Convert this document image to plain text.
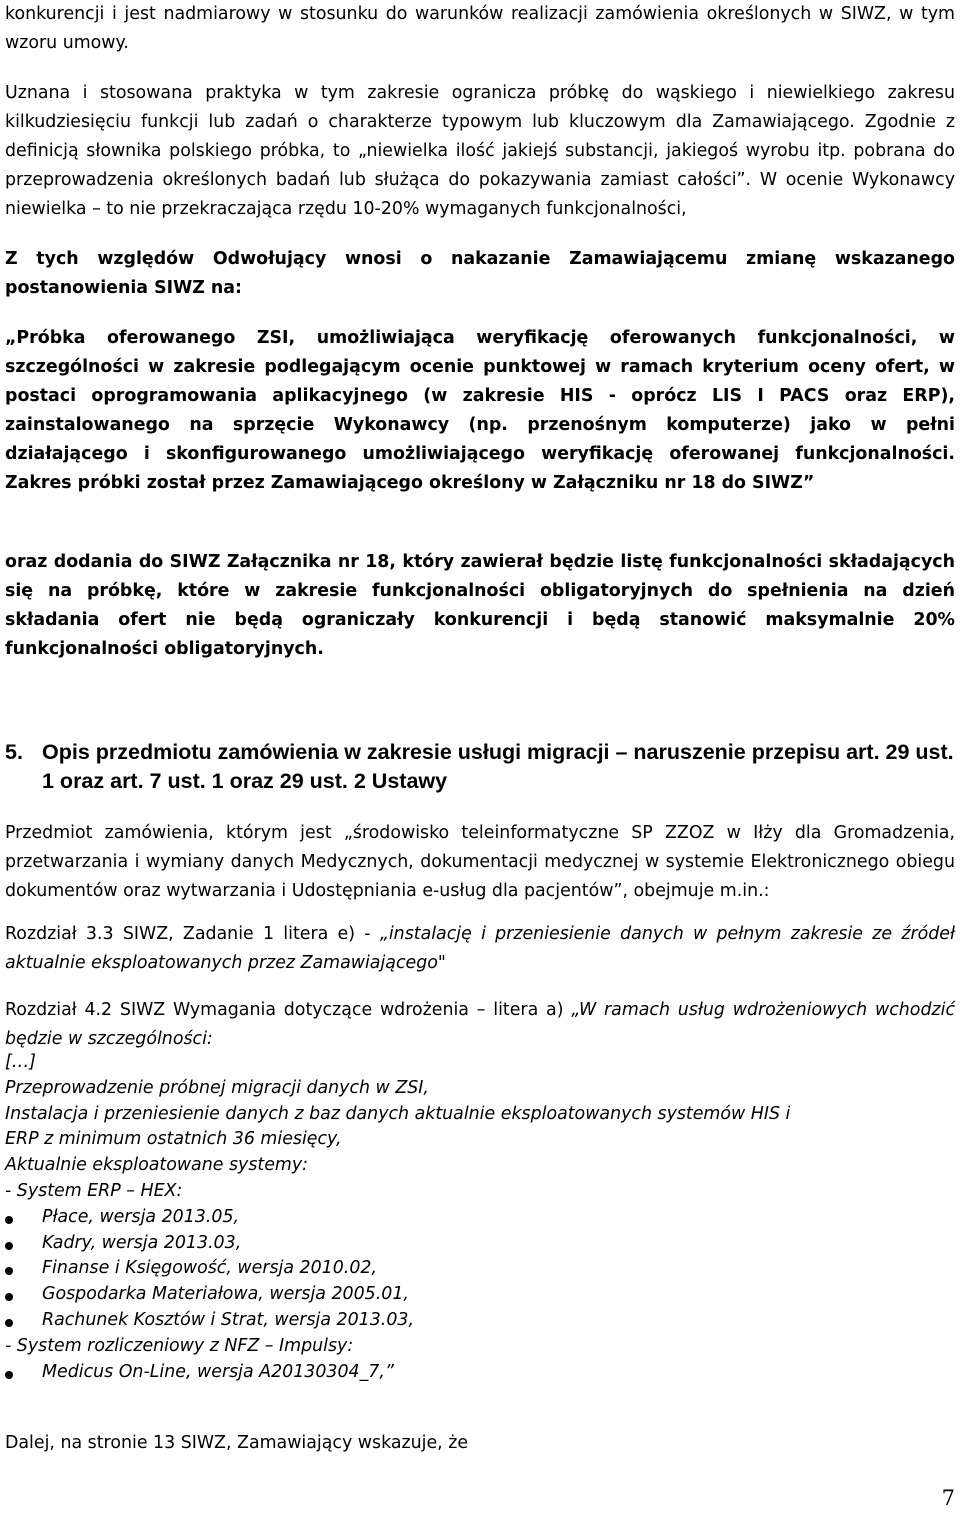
konkurencji i jest nadmiarowy w stosunku do warunków realizacji zamówienia określonych w SIWZ, w tym wzoru umowy.

Uznana i stosowana praktyka w tym zakresie ogranicza próbkę do wąskiego i niewielkiego zakresu kilkudziesięciu funkcji lub zadań o charakterze typowym lub kluczowym dla Zamawiającego. Zgodnie z definicją słownika polskiego próbka, to „niewielka ilość jakiejś substancji, jakiegoś wyrobu itp. pobrana do przeprowadzenia określonych badań lub służąca do pokazywania zamiast całości”. W ocenie Wykonawcy niewielka – to nie przekraczająca rzędu 10-20% wymaganych funkcjonalności,

Z tych względów Odwołujący wnosi o nakazanie Zamawiającemu zmianę wskazanego postanowienia SIWZ na:

„Próbka oferowanego ZSI, umożliwiająca weryfikację oferowanych funkcjonalności, w szczególności w zakresie podlegającym ocenie punktowej w ramach kryterium oceny ofert, w postaci oprogramowania aplikacyjnego (w zakresie HIS - oprócz LIS I PACS oraz ERP), zainstalowanego na sprzęcie Wykonawcy (np. przenośnym komputerze) jako w pełni działającego i skonfigurowanego umożliwiającego weryfikację oferowanej funkcjonalności. Zakres próbki został przez Zamawiającego określony w Załączniku nr 18 do SIWZ”

oraz dodania do SIWZ Załącznika nr 18, który zawierał będzie listę funkcjonalności składających się na próbkę, które w zakresie funkcjonalności obligatoryjnych do spełnienia na dzień składania ofert nie będą ograniczały konkurencji i będą stanowić maksymalnie 20% funkcjonalności obligatoryjnych.

5. Opis przedmiotu zamówienia w zakresie usługi migracji – naruszenie przepisu art. 29 ust. 1 oraz art. 7 ust. 1 oraz 29 ust. 2 Ustawy

Przedmiot zamówienia, którym jest „środowisko teleinformatyczne SP ZZOZ w Iłży dla Gromadzenia, przetwarzania i wymiany danych Medycznych, dokumentacji medycznej w systemie Elektronicznego obiegu dokumentów oraz wytwarzania i Udostępniania e-usług dla pacjentów”, obejmuje m.in.:

Rozdział 3.3 SIWZ, Zadanie 1 litera e) - „instalację i przeniesienie danych w pełnym zakresie ze źródeł aktualnie eksploatowanych przez Zamawiającego"

Rozdział 4.2 SIWZ Wymagania dotyczące wdrożenia – litera a) „W ramach usług wdrożeniowych wchodzić będzie w szczególności:

[…]
Przeprowadzenie próbnej migracji danych w ZSI,
Instalacja i przeniesienie danych z baz danych aktualnie eksploatowanych systemów HIS i
ERP z minimum ostatnich 36 miesięcy,
Aktualnie eksploatowane systemy:
- System ERP – HEX:
Płace, wersja 2013.05,
Kadry, wersja 2013.03,
Finanse i Księgowość, wersja 2010.02,
Gospodarka Materiałowa, wersja 2005.01,
Rachunek Kosztów i Strat, wersja 2013.03,
- System rozliczeniowy z NFZ – Impulsy:
Medicus On-Line, wersja A20130304_7,”

Dalej, na stronie 13 SIWZ, Zamawiający wskazuje, że

7
